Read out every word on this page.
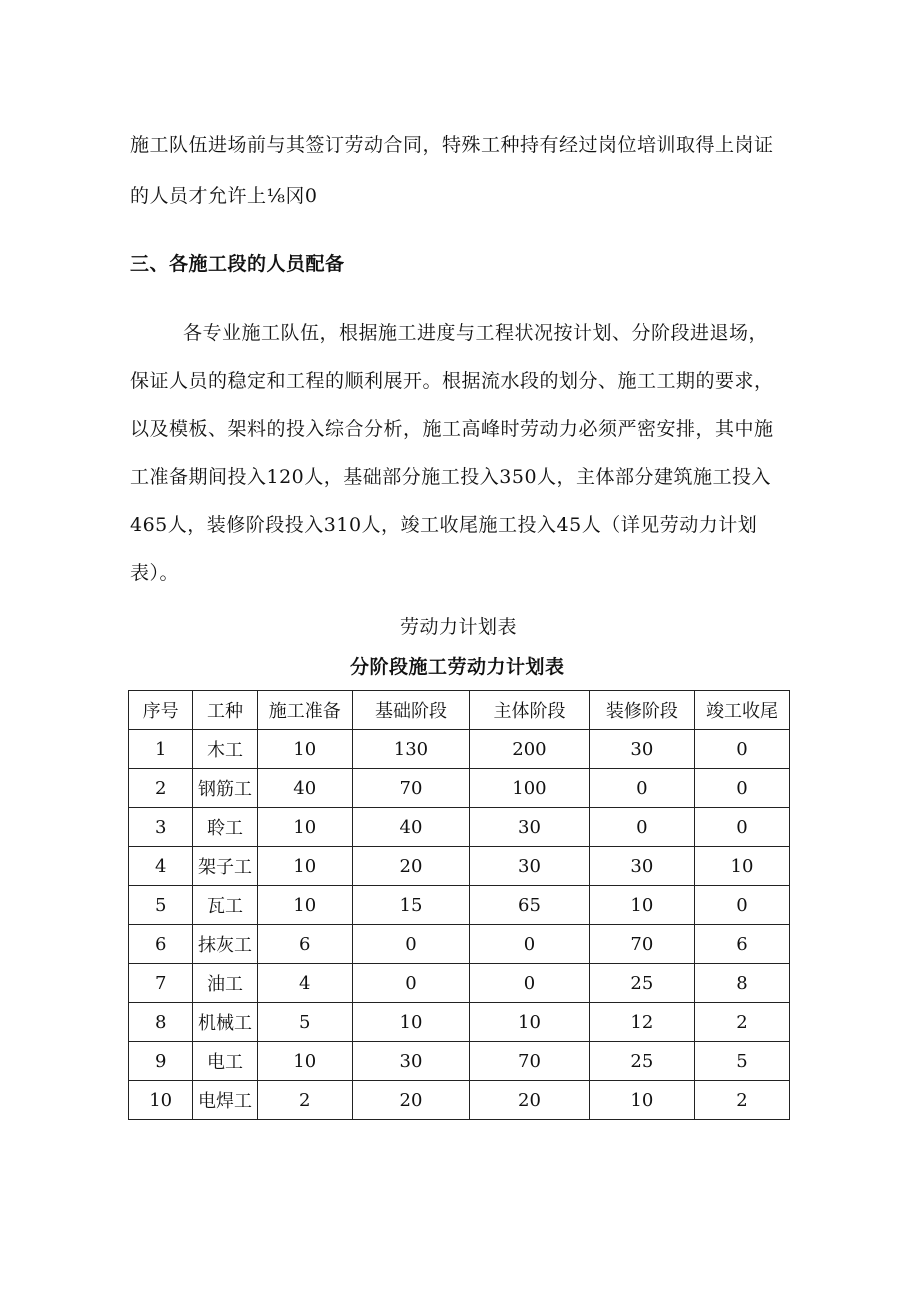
施工队伍进场前与其签订劳动合同，特殊工种持有经过岗位培训取得上岗证
的人员才允许上⅛冈0
三、各施工段的人员配备
各专业施工队伍，根据施工进度与工程状况按计划、分阶段进退场，
保证人员的稳定和工程的顺利展开。根据流水段的划分、施工工期的要求，
以及模板、架料的投入综合分析，施工高峰时劳动力必须严密安排，其中施
工准备期间投入120人，基础部分施工投入350人，主体部分建筑施工投入
465人，装修阶段投入310人，竣工收尾施工投入45人（详见劳动力计划
表）。
劳动力计划表
分阶段施工劳动力计划表
序号	工种	施工准备	基础阶段	主体阶段	装修阶段	竣工收尾
1	木工	10	130	200	30	0
2	钢筋工	40	70	100	0	0
3	聆工	10	40	30	0	0
4	架子工	10	20	30	30	10
5	瓦工	10	15	65	10	0
6	抹灰工	6	0	0	70	6
7	油工	4	0	0	25	8
8	机械工	5	10	10	12	2
9	电工	10	30	70	25	5
10	电焊工	2	20	20	10	2
